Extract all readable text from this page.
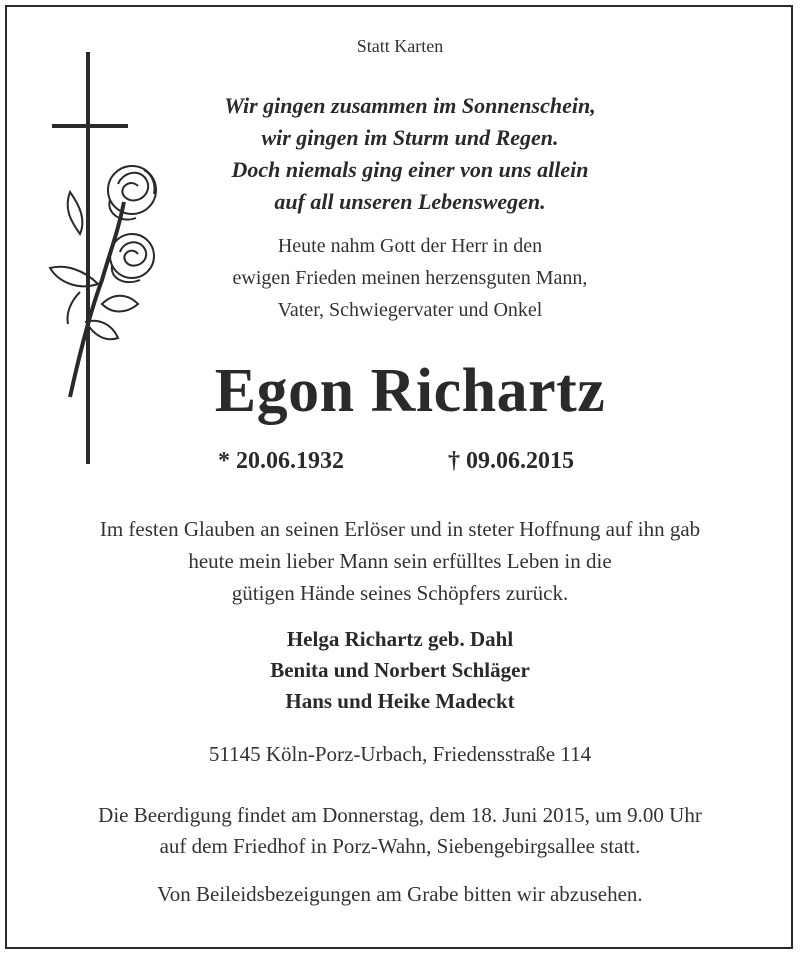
Statt Karten
Wir gingen zusammen im Sonnenschein,
wir gingen im Sturm und Regen.
Doch niemals ging einer von uns allein
auf all unseren Lebenswegen.
Heute nahm Gott der Herr in den
ewigen Frieden meinen herzensguten Mann,
Vater, Schwiegervater und Onkel
Egon Richartz
* 20.06.1932	† 09.06.2015
Im festen Glauben an seinen Erlöser und in steter Hoffnung auf ihn gab
heute mein lieber Mann sein erfülltes Leben in die
gütigen Hände seines Schöpfers zurück.
Helga Richartz geb. Dahl
Benita und Norbert Schläger
Hans und Heike Madeckt
51145 Köln-Porz-Urbach, Friedensstraße 114
Die Beerdigung findet am Donnerstag, dem 18. Juni 2015, um 9.00 Uhr
auf dem Friedhof in Porz-Wahn, Siebengebirgsallee statt.
Von Beileidsbezeigungen am Grabe bitten wir abzusehen.
